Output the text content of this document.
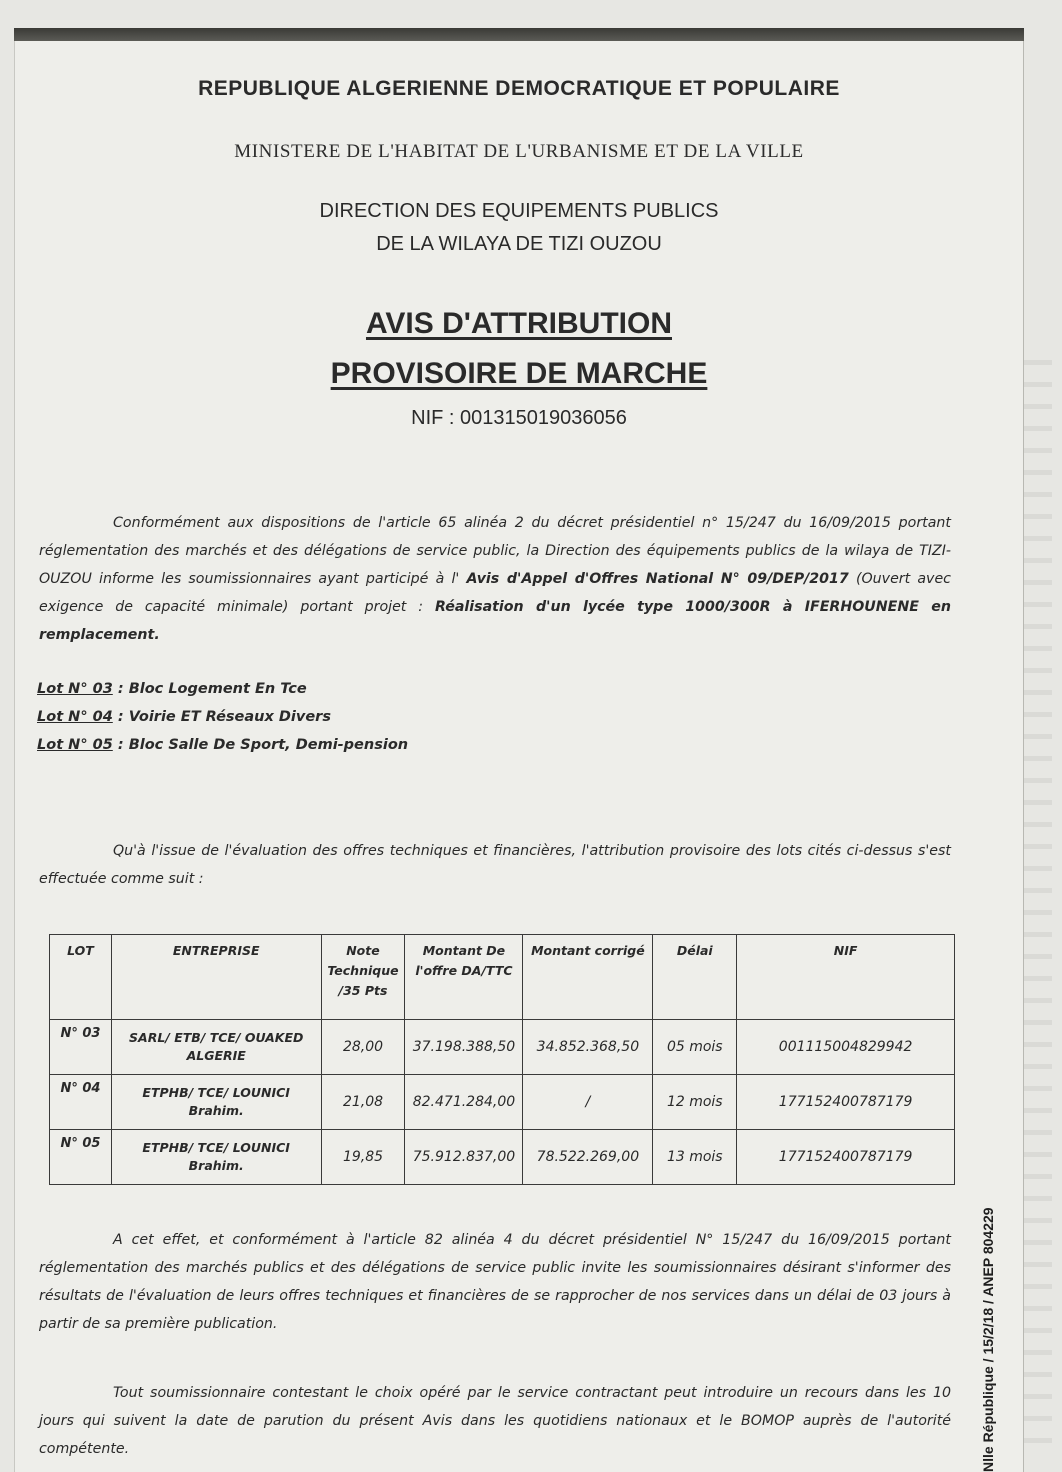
REPUBLIQUE ALGERIENNE DEMOCRATIQUE ET POPULAIRE
MINISTERE DE L'HABITAT DE L'URBANISME ET DE LA VILLE
DIRECTION DES EQUIPEMENTS PUBLICS
DE LA WILAYA DE TIZI OUZOU
AVIS D'ATTRIBUTION
PROVISOIRE DE MARCHE
NIF : 001315019036056
Conformément aux dispositions de l'article 65 alinéa 2 du décret présidentiel n° 15/247 du 16/09/2015 portant réglementation des marchés et des délégations de service public, la Direction des équipements publics de la wilaya de TIZI-OUZOU informe les soumissionnaires ayant participé à l' Avis d'Appel d'Offres National N° 09/DEP/2017 (Ouvert avec exigence de capacité minimale) portant projet : Réalisation d'un lycée type 1000/300R à IFERHOUNENE en remplacement.
Lot N° 03 : Bloc Logement En Tce
Lot N° 04 : Voirie ET Réseaux Divers
Lot N° 05 : Bloc Salle De Sport, Demi-pension
Qu'à l'issue de l'évaluation des offres techniques et financières, l'attribution provisoire des lots cités ci-dessus s'est effectuée comme suit :
LOT	ENTREPRISE	Note Technique /35 Pts	Montant De l'offre DA/TTC	Montant corrigé	Délai	NIF
N° 03	SARL/ ETB/ TCE/ OUAKED ALGERIE	28,00	37.198.388,50	34.852.368,50	05 mois	001115004829942
N° 04	ETPHB/ TCE/ LOUNICI Brahim.	21,08	82.471.284,00	/	12 mois	177152400787179
N° 05	ETPHB/ TCE/ LOUNICI Brahim.	19,85	75.912.837,00	78.522.269,00	13 mois	177152400787179
A cet effet, et conformément à l'article 82 alinéa 4 du décret présidentiel N° 15/247 du 16/09/2015 portant réglementation des marchés publics et des délégations de service public invite les soumissionnaires désirant s'informer des résultats de l'évaluation de leurs offres techniques et financières de se rapprocher de nos services dans un délai de 03 jours à partir de sa première publication.
Tout soumissionnaire contestant le choix opéré par le service contractant peut introduire un recours dans les 10 jours qui suivent la date de parution du présent Avis dans les quotidiens nationaux et le BOMOP auprès de l'autorité compétente.	Nlle République / 15/2/18 / ANEP 804229
